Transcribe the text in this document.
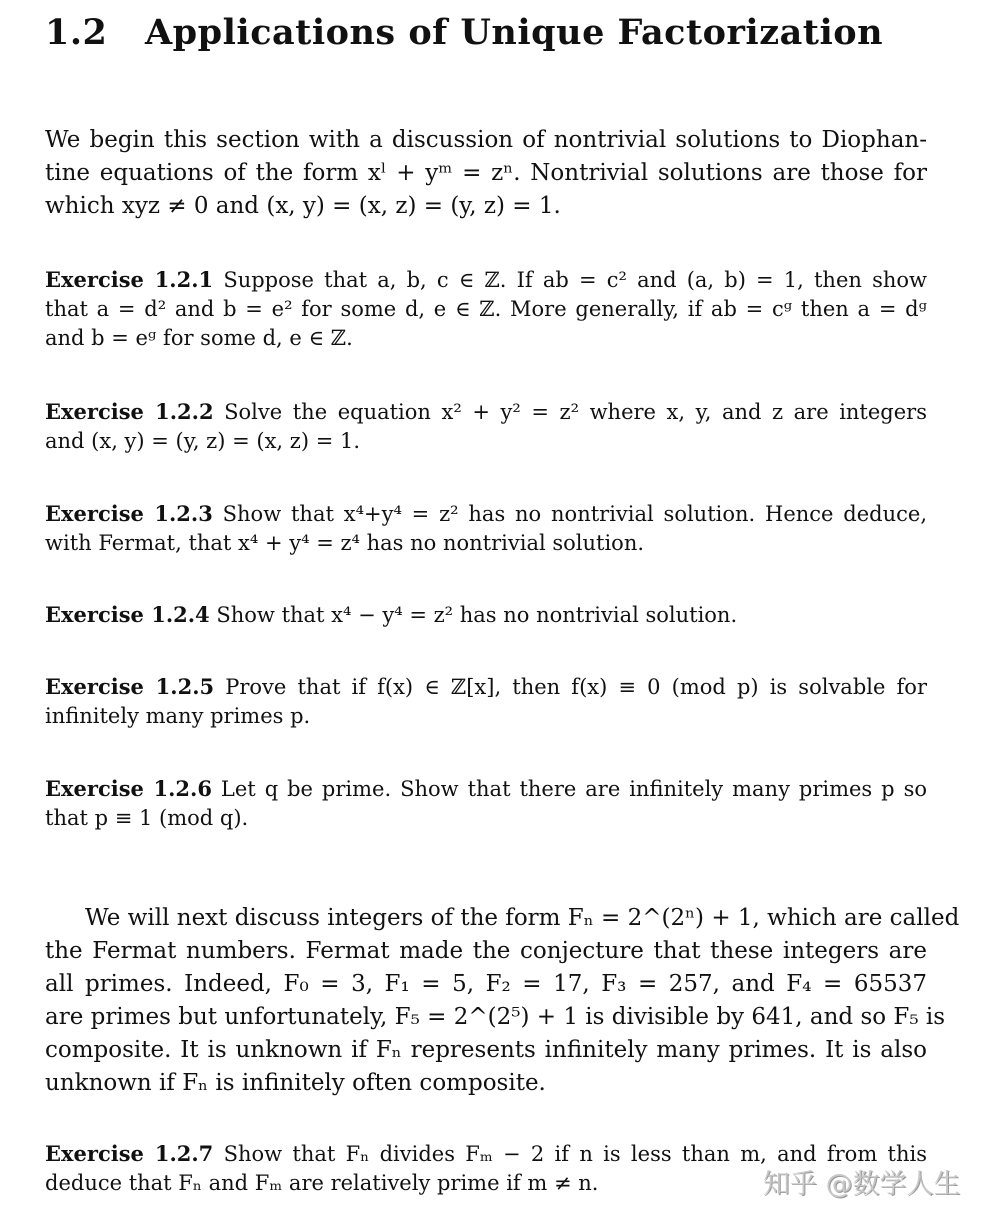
1.2 Applications of Unique Factorization
We begin this section with a discussion of nontrivial solutions to Diophan-
tine equations of the form xˡ + yᵐ = zⁿ. Nontrivial solutions are those for
which xyz ≠ 0 and (x, y) = (x, z) = (y, z) = 1.
Exercise 1.2.1 Suppose that a, b, c ∈ ℤ. If ab = c² and (a, b) = 1, then show
that a = d² and b = e² for some d, e ∈ ℤ. More generally, if ab = cᵍ then a = dᵍ
and b = eᵍ for some d, e ∈ ℤ.
Exercise 1.2.2 Solve the equation x² + y² = z² where x, y, and z are integers
and (x, y) = (y, z) = (x, z) = 1.
Exercise 1.2.3 Show that x⁴+y⁴ = z² has no nontrivial solution. Hence deduce,
with Fermat, that x⁴ + y⁴ = z⁴ has no nontrivial solution.
Exercise 1.2.4 Show that x⁴ − y⁴ = z² has no nontrivial solution.
Exercise 1.2.5 Prove that if f(x) ∈ ℤ[x], then f(x) ≡ 0 (mod p) is solvable for
infinitely many primes p.
Exercise 1.2.6 Let q be prime. Show that there are infinitely many primes p so
that p ≡ 1 (mod q).
We will next discuss integers of the form Fₙ = 2^(2ⁿ) + 1, which are called
the Fermat numbers. Fermat made the conjecture that these integers are
all primes. Indeed, F₀ = 3, F₁ = 5, F₂ = 17, F₃ = 257, and F₄ = 65537
are primes but unfortunately, F₅ = 2^(2⁵) + 1 is divisible by 641, and so F₅ is
composite. It is unknown if Fₙ represents infinitely many primes. It is also
unknown if Fₙ is infinitely often composite.
Exercise 1.2.7 Show that Fₙ divides Fₘ − 2 if n is less than m, and from this
deduce that Fₙ and Fₘ are relatively prime if m ≠ n.	知乎 @数学人生
